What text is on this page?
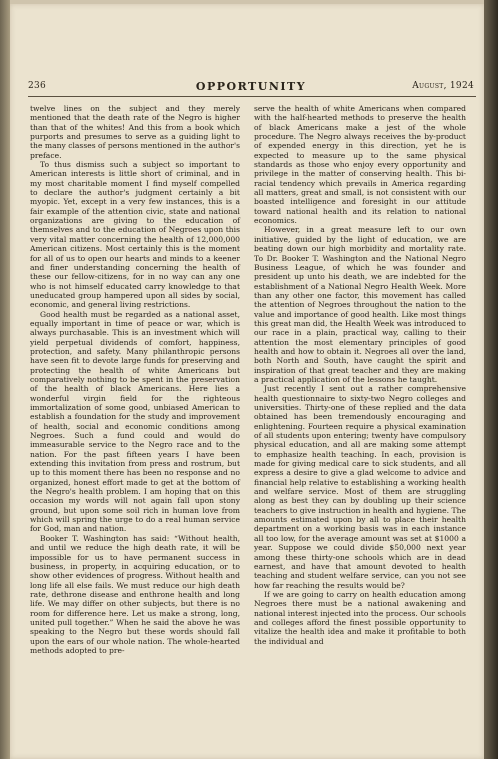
236	OPPORTUNITY	August, 1924

twelve lines on the subject and they merely mentioned that the death rate of the Negro is higher than that of the whites! And this from a book which purports and presumes to serve as a guiding light to the many classes of persons mentioned in the author's preface.

To thus dismiss such a subject so important to American interests is little short of criminal, and in my most charitable moment I find myself compelled to declare the author's judgment certainly a bit myopic. Yet, except in a very few instances, this is a fair example of the attention civic, state and national organizations are giving to the education of themselves and to the education of Negroes upon this very vital matter concerning the health of 12,000,000 American citizens. Most certainly this is the moment for all of us to open our hearts and minds to a keener and finer understanding concerning the health of these our fellow-citizens, for in no way can any one who is not himself educated carry knowledge to that uneducated group hampered upon all sides by social, economic, and general living restrictions.

Good health must be regarded as a national asset, equally important in time of peace or war, which is always purchasable. This is an investment which will yield perpetual dividends of comfort, happiness, protection, and safety. Many philanthropic persons have seen fit to devote large funds for preserving and protecting the health of white Americans but comparatively nothing to be spent in the preservation of the health of black Americans. Here lies a wonderful virgin field for the righteous immortalization of some good, unbiased American to establish a foundation for the study and improvement of health, social and economic conditions among Negroes. Such a fund could and would do immeasurable service to the Negro race and to the nation. For the past fifteen years I have been extending this invitation from press and rostrum, but up to this moment there has been no response and no organized, honest effort made to get at the bottom of the Negro's health problem. I am hoping that on this occasion my words will not again fall upon stony ground, but upon some soil rich in human love from which will spring the urge to do a real human service for God, man and nation.

Booker T. Washington has said: “Without health, and until we reduce the high death rate, it will be impossible for us to have permanent success in business, in property, in acquiring education, or to show other evidences of progress. Without health and long life all else fails. We must reduce our high death rate, dethrone disease and enthrone health and long life. We may differ on other subjects, but there is no room for difference here. Let us make a strong, long, united pull together.” When he said the above he was speaking to the Negro but these words should fall upon the ears of our whole nation. The whole-hearted methods adopted to pre-

serve the health of white Americans when compared with the half-hearted methods to preserve the health of black Americans make a jest of the whole procedure. The Negro always receives the by-product of expended energy in this direction, yet he is expected to measure up to the same physical standards as those who enjoy every opportunity and privilege in the matter of conserving health. This bi-racial tendency which prevails in America regarding all matters, great and small, is not consistent with our boasted intelligence and foresight in our attitude toward national health and its relation to national economics.

However, in a great measure left to our own initiative, guided by the light of education, we are beating down our high morbidity and mortality rate. To Dr. Booker T. Washington and the National Negro Business League, of which he was founder and president up unto his death, we are indebted for the establishment of a National Negro Health Week. More than any other one factor, this movement has called the attention of Negroes throughout the nation to the value and importance of good health. Like most things this great man did, the Health Week was introduced to our race in a plain, practical way, calling to their attention the most elementary principles of good health and how to obtain it. Negroes all over the land, both North and South, have caught the spirit and inspiration of that great teacher and they are making a practical application of the lessons he taught.

Just recently I sent out a rather comprehensive health questionnaire to sixty-two Negro colleges and universities. Thirty-one of these replied and the data obtained has been tremendously encouraging and enlightening. Fourteen require a physical examination of all students upon entering; twenty have compulsory physical education, and all are making some attempt to emphasize health teaching. In each, provision is made for giving medical care to sick students, and all express a desire to give a glad welcome to advice and financial help relative to establishing a working health and welfare service. Most of them are struggling along as best they can by doubling up their science teachers to give instruction in health and hygiene. The amounts estimated upon by all to place their health department on a working basis was in each instance all too low, for the average amount was set at $1000 a year. Suppose we could divide $50,000 next year among these thirty-one schools which are in dead earnest, and have that amount devoted to health teaching and student welfare service, can you not see how far reaching the results would be?

If we are going to carry on health education among Negroes there must be a national awakening and national interest injected into the process. Our schools and colleges afford the finest possible opportunity to vitalize the health idea and make it profitable to both the individual and
